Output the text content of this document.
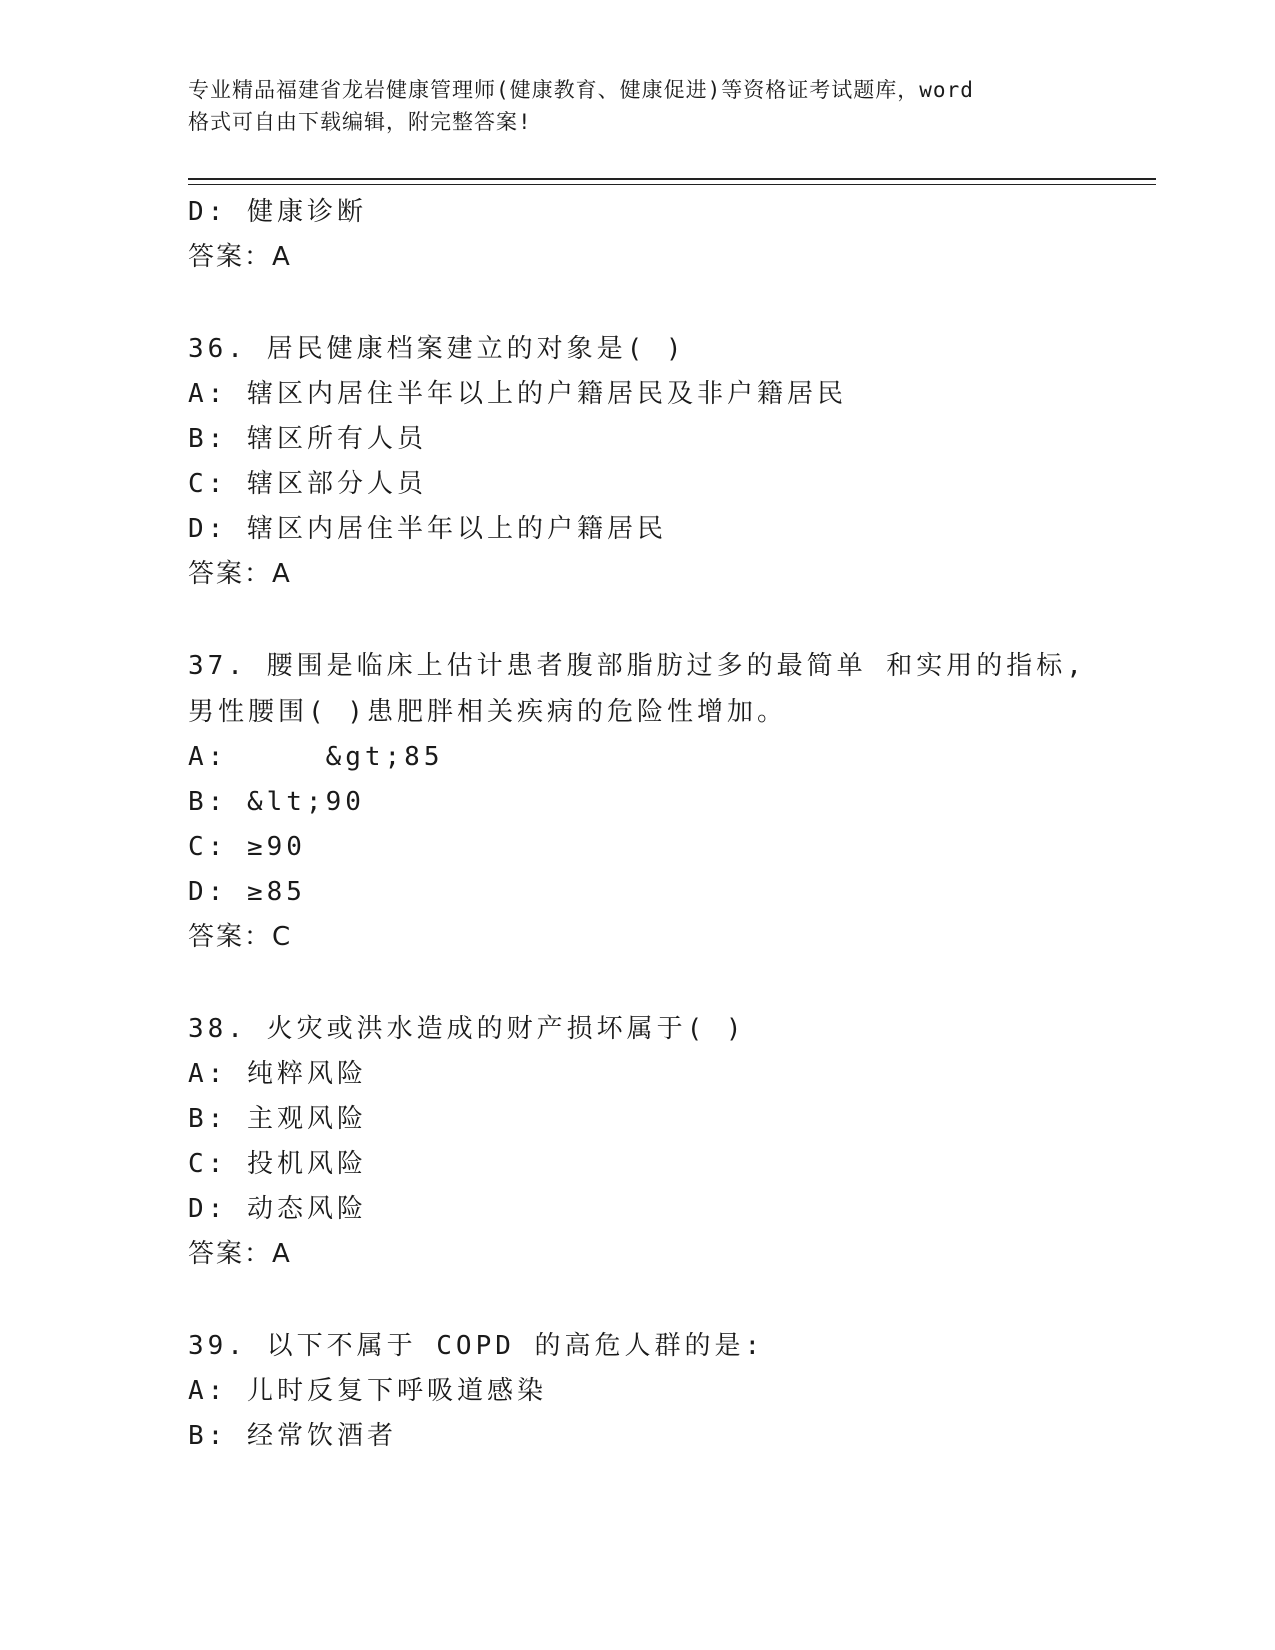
专业精品福建省龙岩健康管理师(健康教育、健康促进)等资格证考试题库，word
格式可自由下载编辑，附完整答案!
D: 健康诊断
答案：A
36. 居民健康档案建立的对象是( )
A: 辖区内居住半年以上的户籍居民及非户籍居民
B: 辖区所有人员
C: 辖区部分人员
D: 辖区内居住半年以上的户籍居民
答案：A
37. 腰围是临床上估计患者腹部脂肪过多的最简单 和实用的指标,男性腰围( )患肥胖相关疾病的危险性增加。
A:     &gt;85
B: &lt;90
C: ≥90
D: ≥85
答案：C
38. 火灾或洪水造成的财产损坏属于( )
A: 纯粹风险
B: 主观风险
C: 投机风险
D: 动态风险
答案：A
39. 以下不属于 COPD 的高危人群的是:
A: 儿时反复下呼吸道感染
B: 经常饮酒者
